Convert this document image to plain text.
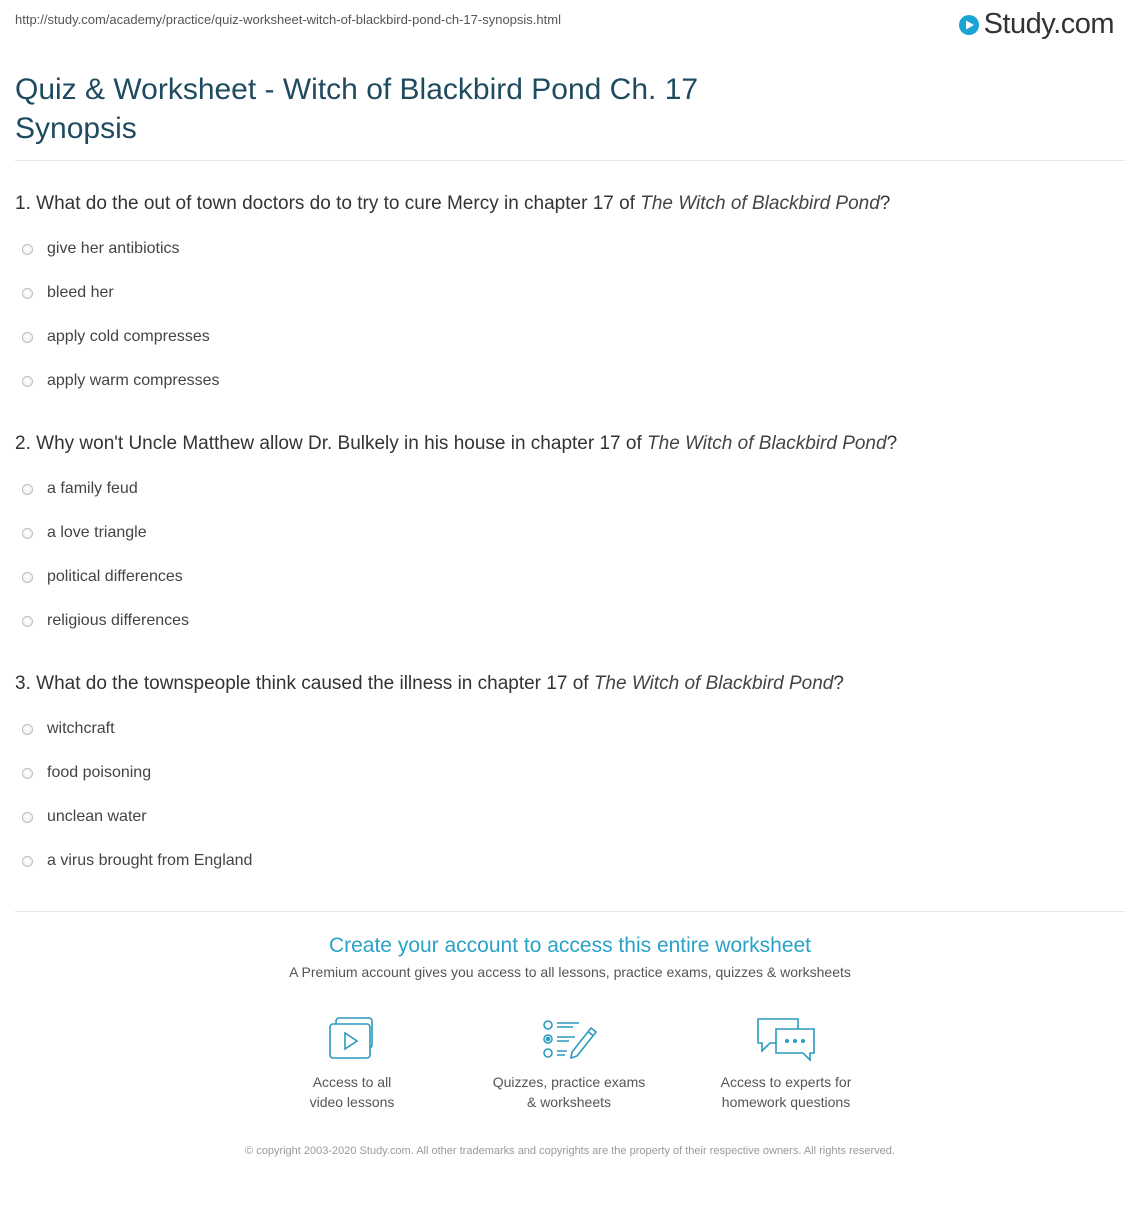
http://study.com/academy/practice/quiz-worksheet-witch-of-blackbird-pond-ch-17-synopsis.html	Study.com
Quiz & Worksheet - Witch of Blackbird Pond Ch. 17 Synopsis
1. What do the out of town doctors do to try to cure Mercy in chapter 17 of The Witch of Blackbird Pond?
give her antibiotics
bleed her
apply cold compresses
apply warm compresses
2. Why won't Uncle Matthew allow Dr. Bulkely in his house in chapter 17 of The Witch of Blackbird Pond?
a family feud
a love triangle
political differences
religious differences
3. What do the townspeople think caused the illness in chapter 17 of The Witch of Blackbird Pond?
witchcraft
food poisoning
unclean water
a virus brought from England
Create your account to access this entire worksheet
A Premium account gives you access to all lessons, practice exams, quizzes & worksheets
Access to all
video lessons
Quizzes, practice exams
& worksheets
Access to experts for
homework questions
© copyright 2003-2020 Study.com. All other trademarks and copyrights are the property of their respective owners. All rights reserved.
